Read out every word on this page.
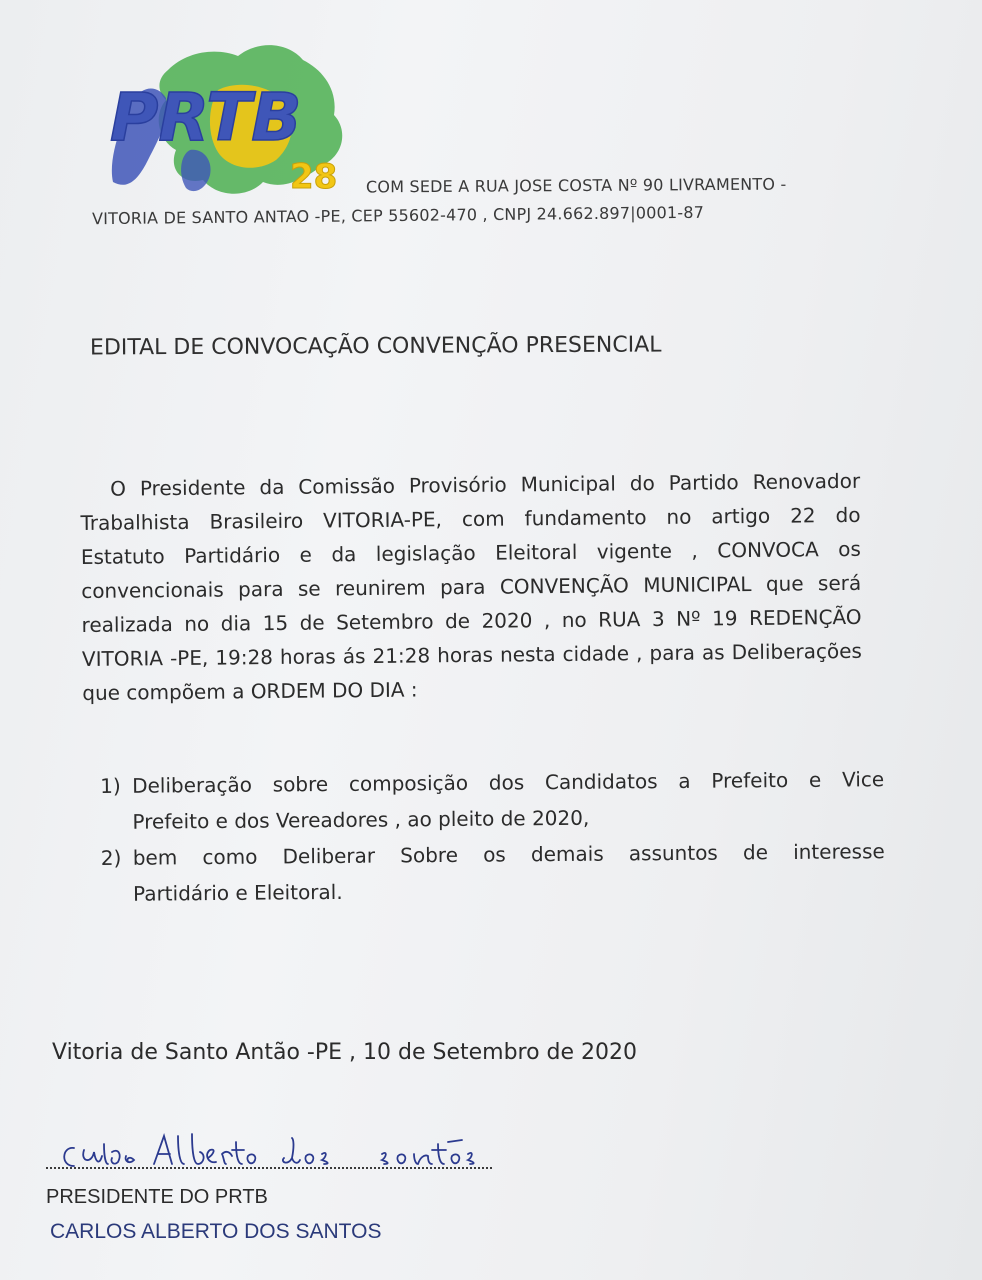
PRTB
28 COM SEDE A RUA JOSE COSTA Nº 90 LIVRAMENTO -
VITORIA DE SANTO ANTAO -PE, CEP 55602-470 , CNPJ 24.662.897|0001-87
EDITAL DE CONVOCAÇÃO CONVENÇÃO PRESENCIAL
O Presidente da Comissão Provisório Municipal do Partido Renovador
Trabalhista Brasileiro VITORIA-PE, com fundamento no artigo 22 do
Estatuto Partidário e da legislação Eleitoral vigente , CONVOCA os
convencionais para se reunirem para CONVENÇÃO MUNICIPAL que será
realizada no dia 15 de Setembro de 2020 , no RUA 3 Nº 19 REDENÇÃO
VITORIA -PE, 19:28 horas ás 21:28 horas nesta cidade , para as Deliberações
que compõem a ORDEM DO DIA :
1) Deliberação sobre composição dos Candidatos a Prefeito e Vice
Prefeito e dos Vereadores , ao pleito de 2020,
2) bem como Deliberar Sobre os demais assuntos de interesse
Partidário e Eleitoral.
Vitoria de Santo Antão -PE , 10 de Setembro de 2020
PRESIDENTE DO PRTB
CARLOS ALBERTO DOS SANTOS
